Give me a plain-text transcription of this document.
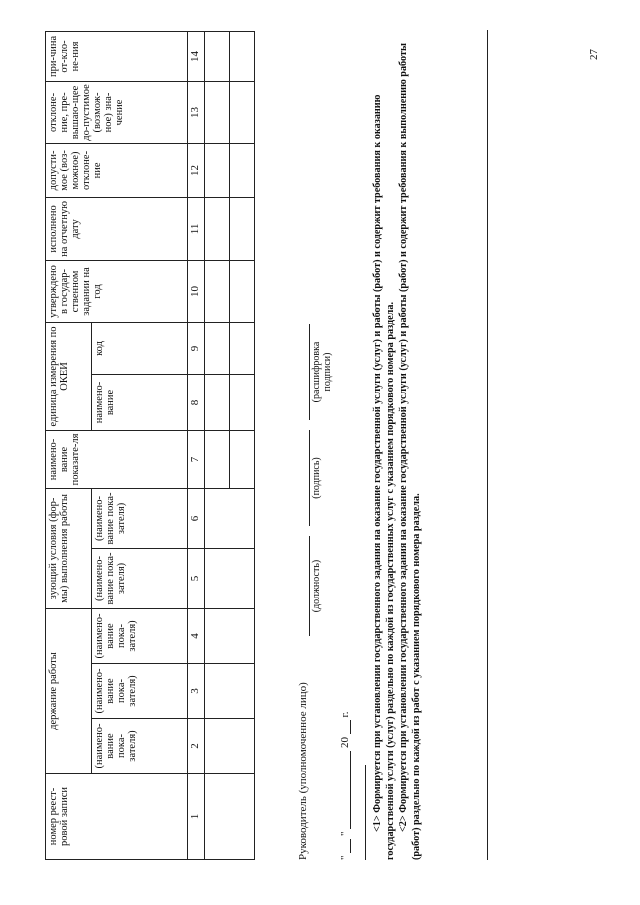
номер реест-ровой записи	держание работы			зующий условия (фор-мы) выполнения работы		наимено-вание показате-ля	единица измерения по ОКЕИ		утверждено в государ-ственном задании на год	исполнено на отчетную дату	допусти-мое (воз-можное) отклоне-ние	отклоне-ние, пре-вышаю-щее до-пустимое (возмож-ное) зна-чение	при-чина от-кло-не-ния
	(наимено-вание пока-зателя)	(наимено-вание пока-зателя)	(наимено-вание пока-зателя)	(наимено-вание пока-зателя)	(наимено-вание пока-зателя)		наимено-вание	код					
1	2	3	4	5	6	7	8	9	10	11	12	13	14

Руководитель (уполномоченное лицо)
(должность)
(подпись)
(расшифровка подписи)
"  "  20  г. <1> Формируется при установлении государственного задания на оказание государственной услуги (услуг) и работы (работ) и содержит требования к оказанию государственной услуги (услуг) раздельно по каждой из государственных услуг с указанием порядкового номера раздела. <2> Формируется при установлении государственного задания на оказание государственной услуги (услуг) и работы (работ) и содержит требования к выполнению работы (работ) раздельно по каждой из работ с указанием порядкового номера раздела.

27
